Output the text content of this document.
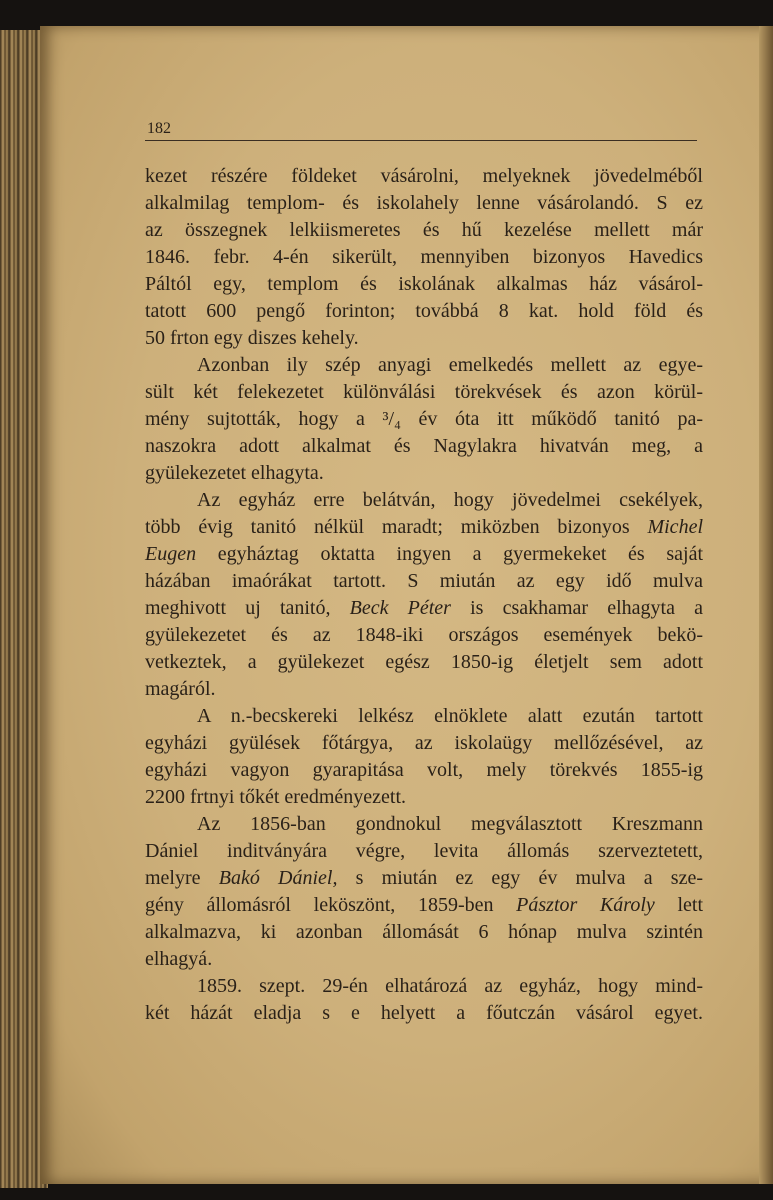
182
kezet részére földeket vásárolni, melyeknek jövedelméből
alkalmilag templom- és iskolahely lenne vásárolandó. S ez
az összegnek lelkiismeretes és hű kezelése mellett már
1846. febr. 4-én sikerült, mennyiben bizonyos Havedics
Páltól egy, templom és iskolának alkalmas ház vásárol-
tatott 600 pengő forinton; továbbá 8 kat. hold föld és
50 frton egy diszes kehely.
Azonban ily szép anyagi emelkedés mellett az egye-
sült két felekezetet különválási törekvések és azon körül-
mény sujtották, hogy a ³/₄ év óta itt működő tanitó pa-
naszokra adott alkalmat és Nagylakra hivatván meg, a
gyülekezetet elhagyta.
Az egyház erre belátván, hogy jövedelmei csekélyek,
több évig tanitó nélkül maradt; miközben bizonyos Michel
Eugen egyháztag oktatta ingyen a gyermekeket és saját
házában imaórákat tartott. S miután az egy idő mulva
meghivott uj tanitó, Beck Péter is csakhamar elhagyta a
gyülekezetet és az 1848-iki országos események bekö-
vetkeztek, a gyülekezet egész 1850-ig életjelt sem adott
magáról.
A n.-becskereki lelkész elnöklete alatt ezután tartott
egyházi gyülések főtárgya, az iskolaügy mellőzésével, az
egyházi vagyon gyarapitása volt, mely törekvés 1855-ig
2200 frtnyi tőkét eredményezett.
Az 1856-ban gondnokul megválasztott Kreszmann
Dániel inditványára végre, levita állomás szerveztetett,
melyre Bakó Dániel, s miután ez egy év mulva a sze-
gény állomásról leköszönt, 1859-ben Pásztor Károly lett
alkalmazva, ki azonban állomását 6 hónap mulva szintén
elhagyá.
1859. szept. 29-én elhatározá az egyház, hogy mind-
két házát eladja s e helyett a főutczán vásárol egyet.
